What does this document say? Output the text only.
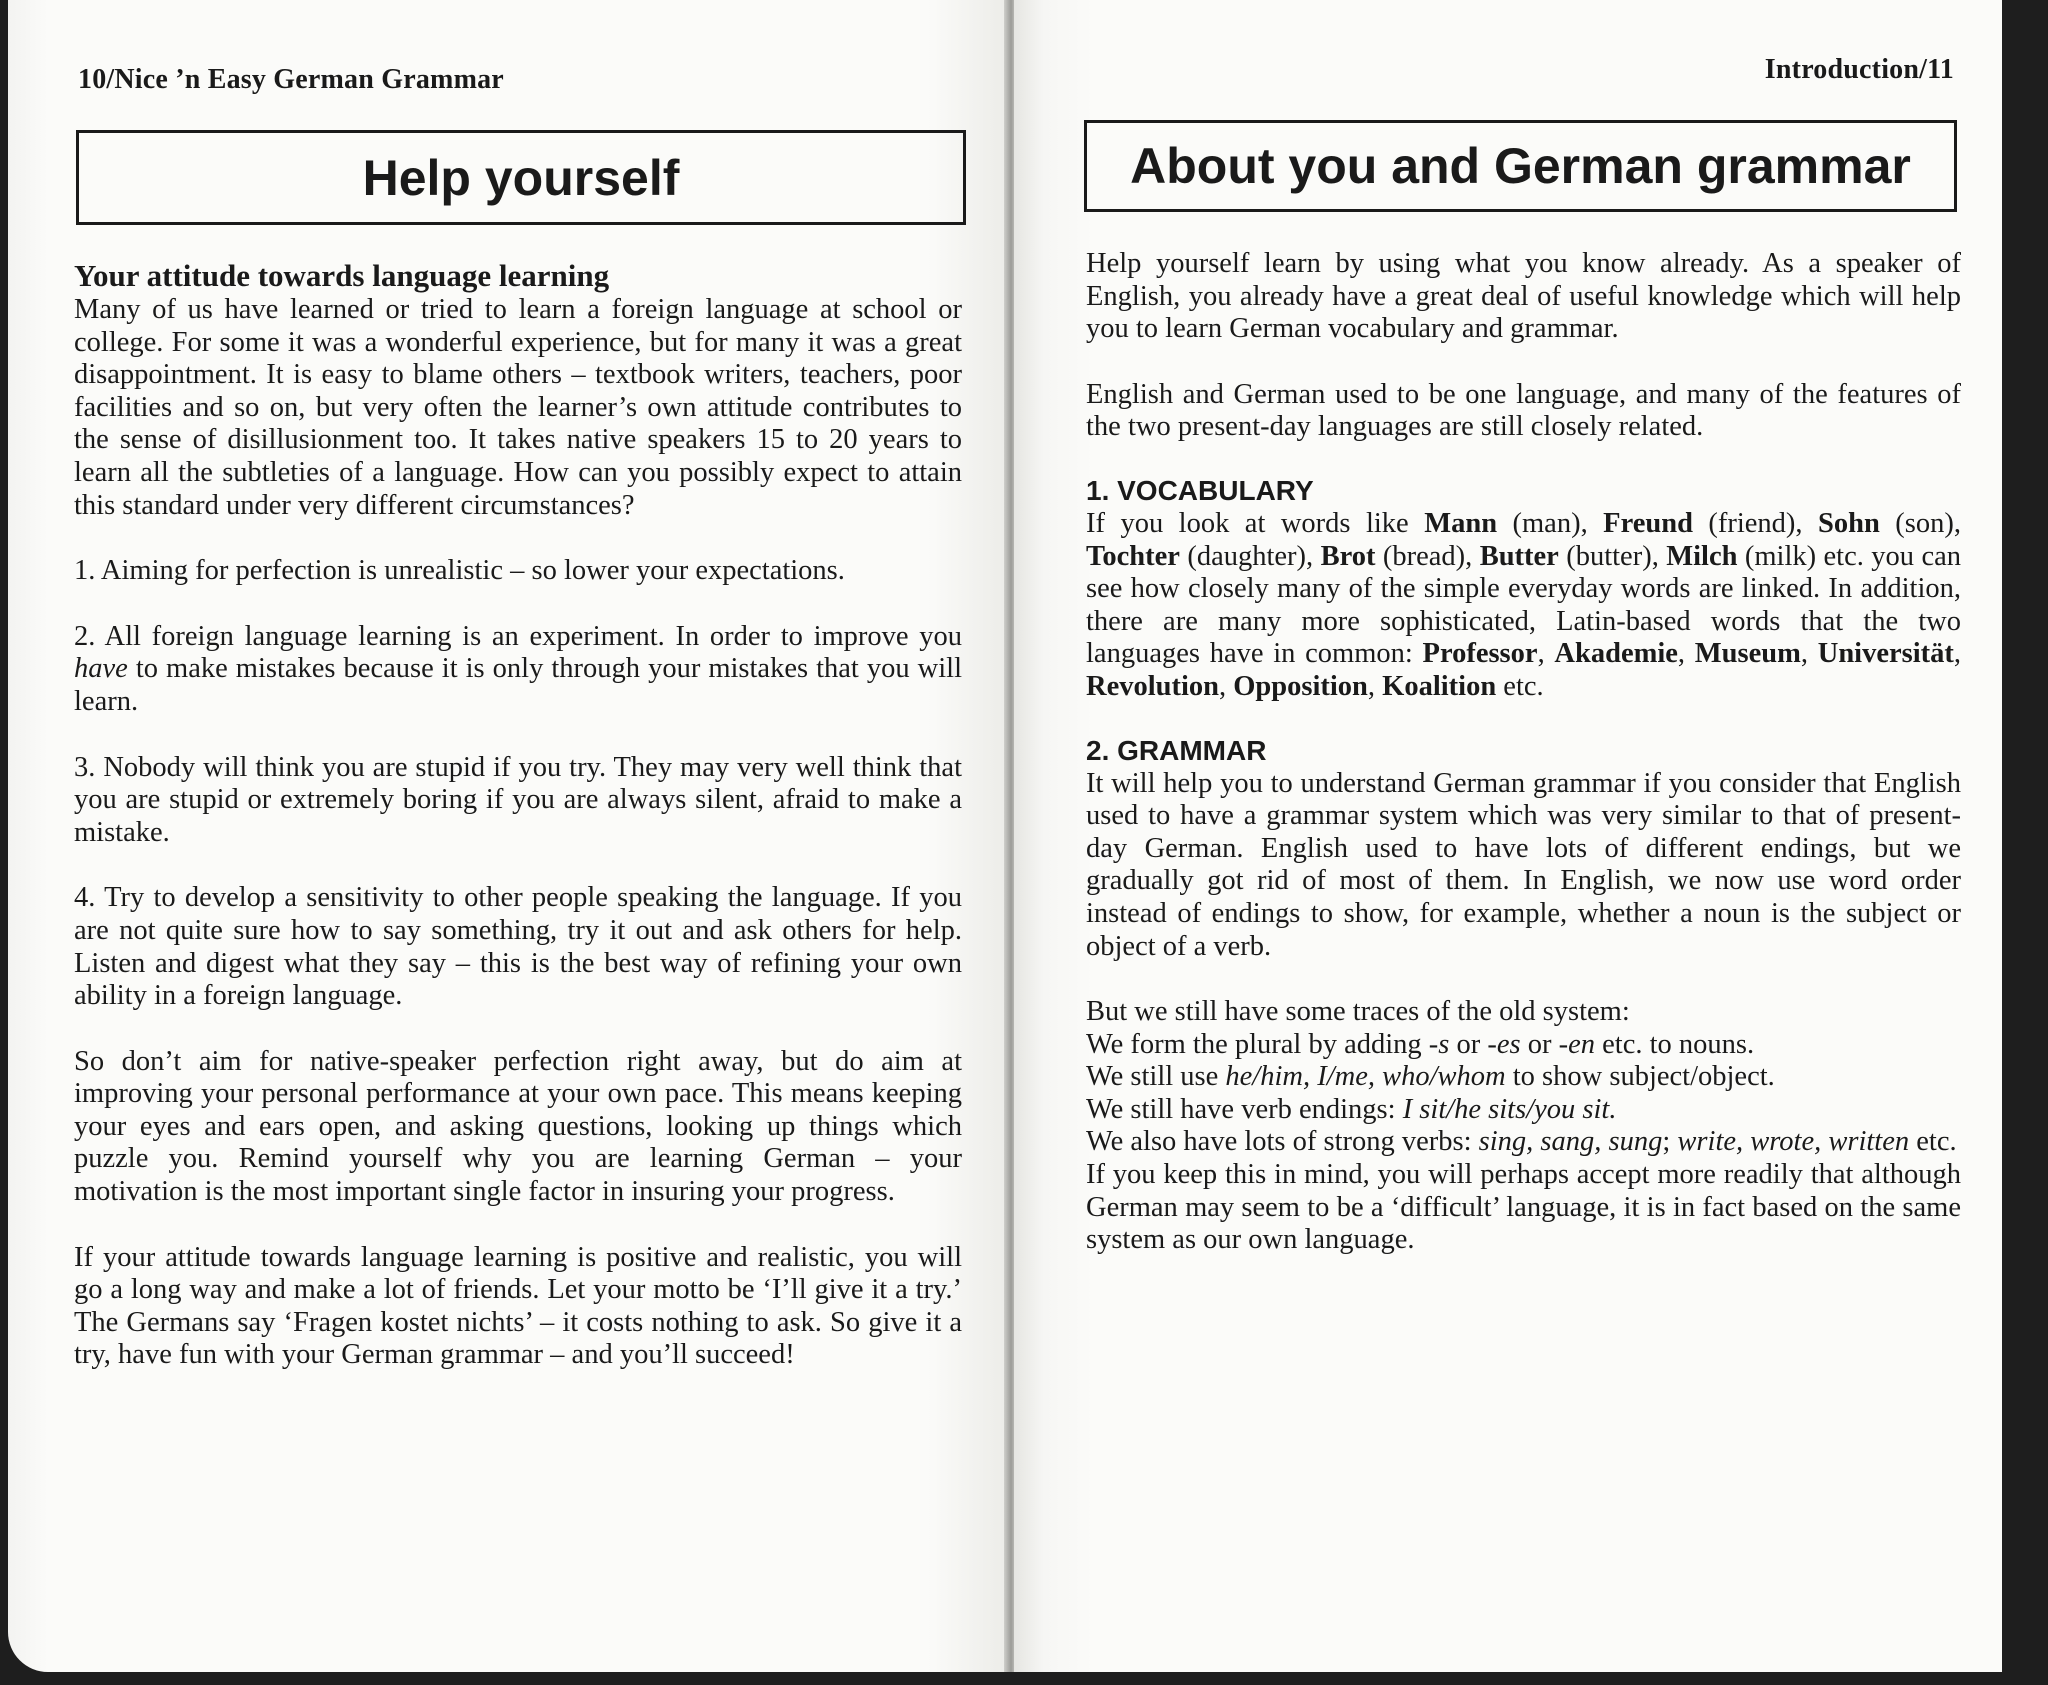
10/Nice ’n Easy German Grammar
Help yourself
Your attitude towards language learning

Many of us have learned or tried to learn a foreign language at school or college. For some it was a wonderful experience, but for many it was a great disappointment. It is easy to blame others – textbook writers, teachers, poor facilities and so on, but very often the learner’s own attitude contributes to the sense of disillusionment too. It takes native speakers 15 to 20 years to learn all the subtleties of a language. How can you possibly expect to attain this standard under very different circumstances?

1. Aiming for perfection is unrealistic – so lower your expectations.

2. All foreign language learning is an experiment. In order to improve you have to make mistakes because it is only through your mistakes that you will learn.

3. Nobody will think you are stupid if you try. They may very well think that you are stupid or extremely boring if you are always silent, afraid to make a mistake.

4. Try to develop a sensitivity to other people speaking the language. If you are not quite sure how to say something, try it out and ask others for help. Listen and digest what they say – this is the best way of refining your own ability in a foreign language.

So don’t aim for native-speaker perfection right away, but do aim at improving your personal performance at your own pace. This means keeping your eyes and ears open, and asking questions, looking up things which puzzle you. Remind yourself why you are learning German – your motivation is the most important single factor in insuring your progress.

If your attitude towards language learning is positive and realistic, you will go a long way and make a lot of friends. Let your motto be ‘I’ll give it a try.’ The Germans say ‘Fragen kostet nichts’ – it costs nothing to ask. So give it a try, have fun with your German grammar – and you’ll succeed!

Introduction/11
About you and German grammar

Help yourself learn by using what you know already. As a speaker of English, you already have a great deal of useful knowledge which will help you to learn German vocabulary and grammar.

English and German used to be one language, and many of the features of the two present-day languages are still closely related.

1. VOCABULARY

If you look at words like Mann (man), Freund (friend), Sohn (son), Tochter (daughter), Brot (bread), Butter (butter), Milch (milk) etc. you can see how closely many of the simple everyday words are linked. In addition, there are many more sophisticated, Latin-based words that the two languages have in common: Professor, Akademie, Museum, Universität, Revolution, Opposition, Koalition etc.

2. GRAMMAR

It will help you to understand German grammar if you consider that English used to have a grammar system which was very similar to that of present-day German. English used to have lots of different endings, but we gradually got rid of most of them. In English, we now use word order instead of endings to show, for example, whether a noun is the subject or object of a verb.

But we still have some traces of the old system:
We form the plural by adding -s or -es or -en etc. to nouns.
We still use he/him, I/me, who/whom to show subject/object.
We still have verb endings: I sit/he sits/you sit.
We also have lots of strong verbs: sing, sang, sung; write, wrote, written etc.
If you keep this in mind, you will perhaps accept more readily that although German may seem to be a ‘difficult’ language, it is in fact based on the same system as our own language.
